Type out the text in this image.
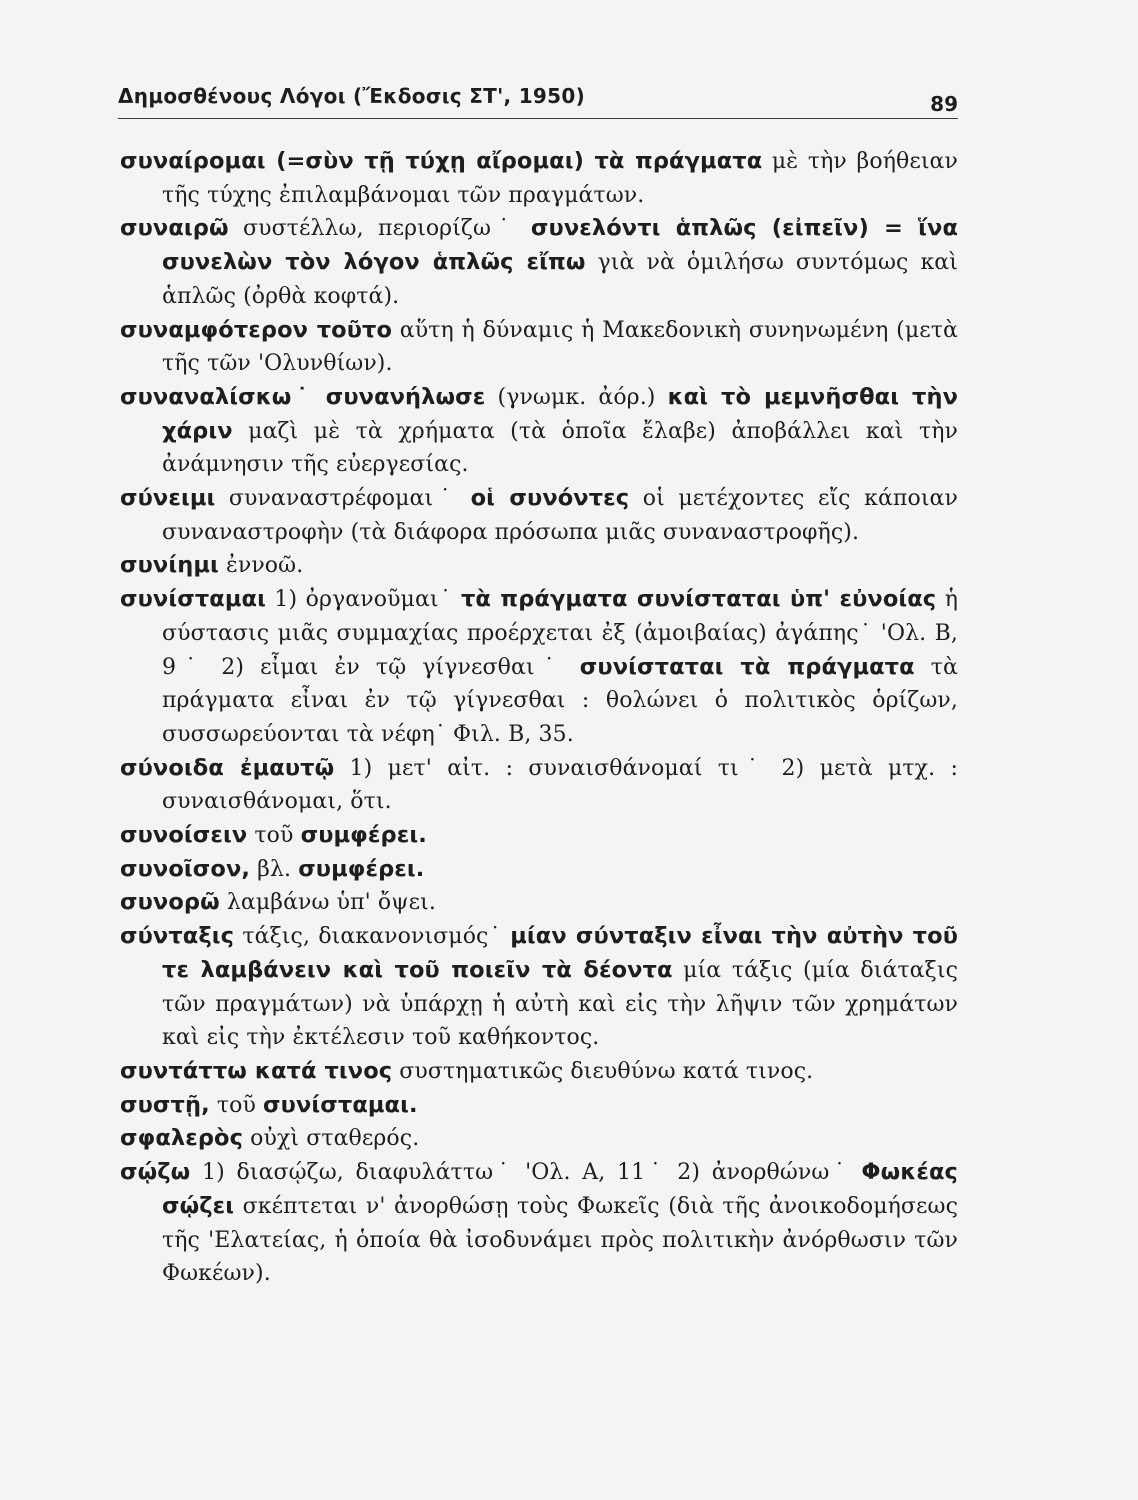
Δημοσθένους Λόγοι (Ἔκδοσις ΣΤ', 1950)	89

συναίρομαι (=σὺν τῇ τύχῃ αἴρομαι) τὰ πράγματα μὲ τὴν βοήθειαν τῆς τύχης ἐπιλαμβάνομαι τῶν πραγμάτων.

συναιρῶ συστέλλω, περιορίζω˙ συνελόντι ἁπλῶς (εἰπεῖν) = ἵνα συνελὼν τὸν λόγον ἁπλῶς εἴπω γιὰ νὰ ὁμιλήσω συντόμως καὶ ἁπλῶς (ὀρθὰ κοφτά).

συναμφότερον τοῦτο αὕτη ἡ δύναμις ἡ Μακεδονικὴ συνηνωμένη (μετὰ τῆς τῶν 'Ολυνθίων).

συναναλίσκω˙ συνανήλωσε (γνωμκ. ἀόρ.) καὶ τὸ μεμνῆσθαι τὴν χάριν μαζὶ μὲ τὰ χρήματα (τὰ ὁποῖα ἔλαβε) ἀποβάλλει καὶ τὴν ἀνάμνησιν τῆς εὐεργεσίας.

σύνειμι συναναστρέφομαι˙ οἱ συνόντες οἱ μετέχοντες εἴς κάποιαν συναναστροφὴν (τὰ διάφορα πρόσωπα μιᾶς συναναστροφῆς).

συνίημι ἐννοῶ.

συνίσταμαι 1) ὀργανοῦμαι˙ τὰ πράγματα συνίσταται ὑπ' εὐνοίας ἡ σύστασις μιᾶς συμμαχίας προέρχεται ἐξ (ἀμοιβαίας) ἀγάπης˙ 'Ολ. Β, 9˙ 2) εἶμαι ἐν τῷ γίγνεσθαι˙ συνίσταται τὰ πράγματα τὰ πράγματα εἶναι ἐν τῷ γίγνεσθαι : θολώνει ὁ πολιτικὸς ὁρίζων, συσσωρεύονται τὰ νέφη˙ Φιλ. Β, 35.

σύνοιδα ἐμαυτῷ 1) μετ' αἰτ. : συναισθάνομαί τι˙ 2) μετὰ μτχ. : συναισθάνομαι, ὅτι.

συνοίσειν τοῦ συμφέρει.

συνοῖσον, βλ. συμφέρει.

συνορῶ λαμβάνω ὑπ' ὄψει.

σύνταξις τάξις, διακανονισμός˙ μίαν σύνταξιν εἶναι τὴν αὐτὴν τοῦ τε λαμβάνειν καὶ τοῦ ποιεῖν τὰ δέοντα μία τάξις (μία διάταξις τῶν πραγμάτων) νὰ ὑπάρχῃ ἡ αὐτὴ καὶ εἰς τὴν λῆψιν τῶν χρημάτων καὶ εἰς τὴν ἐκτέλεσιν τοῦ καθήκοντος.

συντάττω κατά τινος συστηματικῶς διευθύνω κατά τινος.

συστῇ, τοῦ συνίσταμαι.

σφαλερὸς οὐχὶ σταθερός.

σῴζω 1) διασῴζω, διαφυλάττω˙ 'Ολ. Α, 11˙ 2) ἀνορθώνω˙ Φωκέας σῴζει σκέπτεται ν' ἀνορθώσῃ τοὺς Φωκεῖς (διὰ τῆς ἀνοικοδομήσεως τῆς 'Ελατείας, ἡ ὁποία θὰ ἰσοδυνάμει πρὸς πολιτικὴν ἀνόρθωσιν τῶν Φωκέων).
